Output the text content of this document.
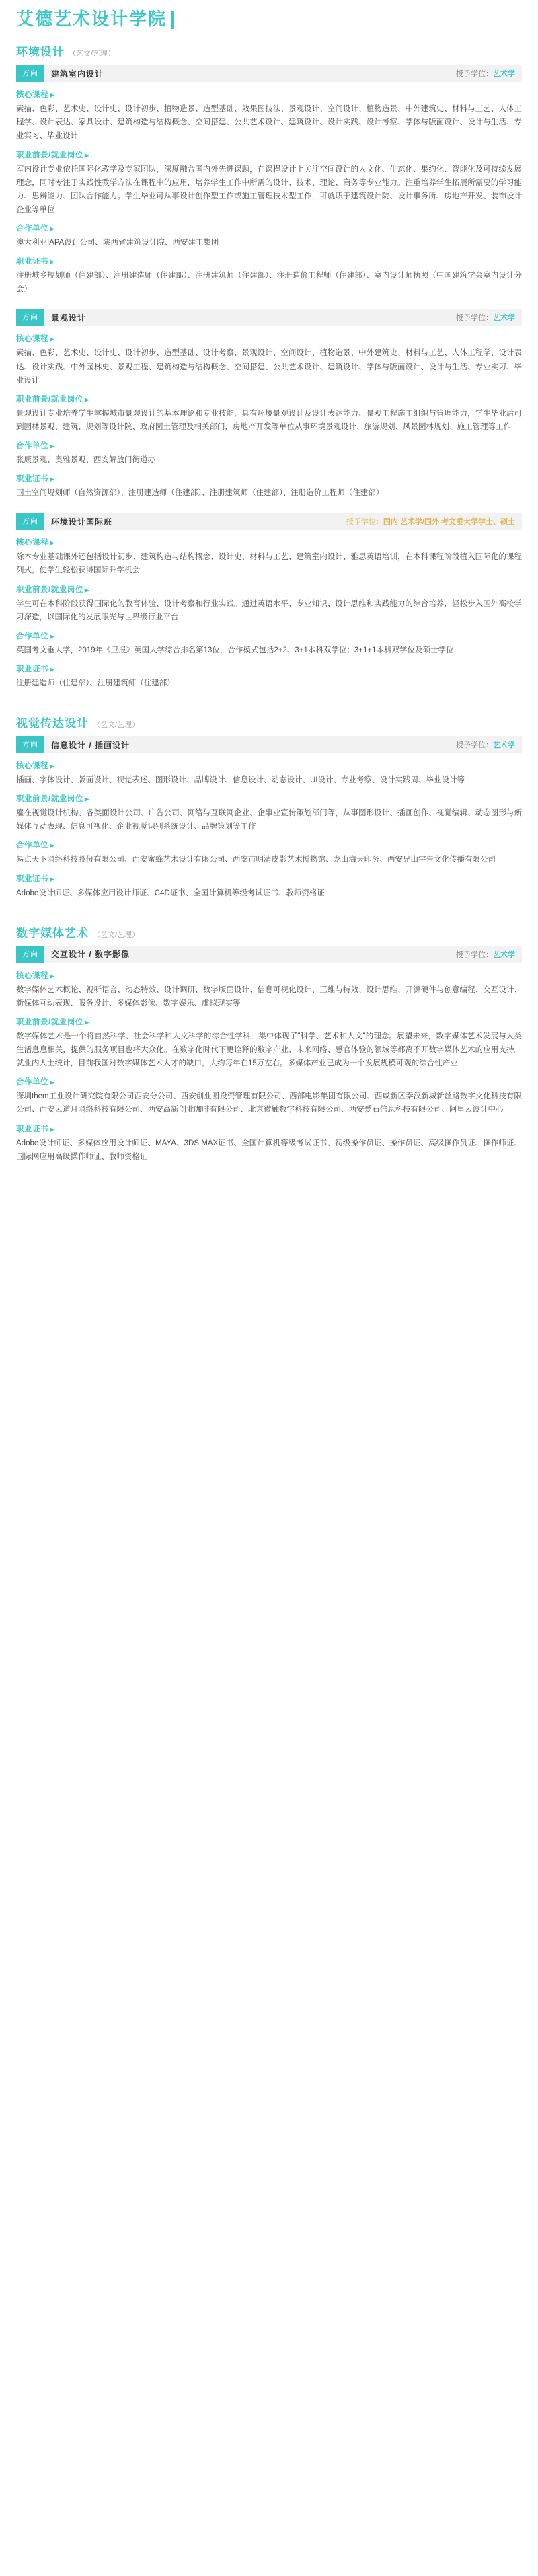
艾德艺术设计学院
环境设计 （艺文/艺理）
方向	建筑室内设计	授予学位：艺术学
核心课程 ▶
素描、色彩、艺术史、设计史、设计初步、植物造景、造型基础、效果图技法、景观设计、空间设计、植物造景、中外建筑史、材料与工艺、人体工程学、设计表达、家具设计、建筑构造与结构概念、空间搭建、公共艺术设计、建筑设计、设计实践、设计考察、学体与版面设计、设计与生活、专业实习、毕业设计
职业前景/就业岗位 ▶
室内设计专业依托国际化教学及专家团队，深度融合国内外先进课题，在课程设计上关注空间设计的人文化、生态化、集约化、智能化及可持续发展理念，同时专注于实践性教学方法在课程中的应用，培养学生工作中所需的设计、技术、理论、商务等专业能力。注重培养学生拓展所需要的学习能力、思辨能力、团队合作能力。学生毕业可从事设计创作型工作或施工管理技术型工作，可就职于建筑设计院、设计事务所、房地产开发、装饰设计企业等单位
合作单位 ▶
澳大利亚IAPA设计公司、陕西省建筑设计院、西安建工集团
职业证书 ▶
注册城乡规划师（住建部）、注册建造师（住建部）、注册建筑师（住建部）、注册造价工程师（住建部）、室内设计师执照（中国建筑学会室内设计分会）
方向	景观设计	授予学位：艺术学
核心课程 ▶
素描、色彩、艺术史、设计史、设计初步、造型基础、设计考察、景观设计、空间设计、植物造景、中外建筑史、材料与工艺、人体工程学、设计表达、设计实践、中外园林史、景观工程、建筑构造与结构概念、空间搭建、公共艺术设计、建筑设计、学体与版面设计、设计与生活、专业实习、毕业设计
职业前景/就业岗位 ▶
景观设计专业培养学生掌握城市景观设计的基本理论和专业技能，具有环境景观设计及设计表达能力、景观工程施工组织与管理能力，学生毕业后可到园林景观、建筑、规划等设计院、政府园土管理及相关部门，房地产开发等单位从事环境景观设计、旅游规划、风景园林规划、施工管理等工作
合作单位 ▶
张康景观、奥雅景观、西安解放门街道办
职业证书 ▶
国土空间规划师（自然资源部）、注册建造师（住建部）、注册建筑师（住建部）、注册造价工程师（住建部）
方向	环境设计国际班	授予学位：国内 艺术学/国外 考文垂大学学士、硕士
核心课程 ▶
除本专业基础课外还包括设计初步、建筑构造与结构概念、设计史、材料与工艺、建筑室内设计、雅思英语培训，在本科课程阶段植入国际化的课程列式，使学生轻松获得国际升学机会
职业前景/就业岗位 ▶
学生可在本科阶段获得国际化的教育体验、设计考察和行业实践。通过英语水平、专业知识、设计思维和实践能力的综合培养，轻松步入国外高校学习深造，以国际化的发展眼光与世界级行业平台
合作单位 ▶
英国考文垂大学，2019年《卫报》英国大学综合排名第13位，合作模式包括2+2、3+1本科双学位；3+1+1本科双学位及硕士学位
职业证书 ▶
注册建造师（住建部）、注册建筑师（住建部）
视觉传达设计 （艺文/艺理）
方向	信息设计 / 插画设计	授予学位：艺术学
核心课程 ▶
插画、字体设计、版面设计、视觉表述、图形设计、品牌设计、信息设计、动态设计、UI设计、专业考察、设计实践周、毕业设计等
职业前景/就业岗位 ▶
雇在视觉设计机构、各类面设计公司、广告公司、网络与互联网企业、企事业宣传策划部门等，从事图形设计、插画创作、视觉编辑、动态图形与新媒体互动表现、信息可视化、企业视觉识别系统设计、品牌策划等工作
合作单位 ▶
易点天下网络科技股份有限公司、西安蜜蜂艺术设计有限公司、西安市明清皮影艺术博物馆、龙山海天印务、西安兄山宇告文化传播有限公司
职业证书 ▶
Adobe设计师证、多媒体应用设计师证、C4D证书、全国计算机等级考试证书、教师资格证
数字媒体艺术 （艺文/艺理）
方向	交互设计 / 数字影像	授予学位：艺术学
核心课程 ▶
数字媒体艺术概论、视听语言、动态特效、设计调研、数字版面设计、信息可视化设计、三维与特效、设计思维、开源硬件与创意编程、交互设计、新媒体互动表现、服务设计、多媒体影像、数字娱乐、虚拟现实等
职业前景/就业岗位 ▶
数字媒体艺术是一个将自然科学、社会科学和人文科学的综合性学科，集中体现了"科学、艺术和人文"的理念。展望未来，数字媒体艺术发展与人类生活息息相关，提供的服务项目也将大众化。在数字化时代下更诠释的数字产业、未来网络、感官体验的领域等都离不开数字媒体艺术的应用支持。就业内人士统计，目前我国对数字媒体艺术人才的缺口，大约每年在15万左右。多媒体产业已成为一个发展规模可观的综合性产业
合作单位 ▶
深圳them工业设计研究院有限公司西安分公司、西安创业圆投资管理有限公司、西部电影集团有限公司、西咸新区秦汉新城新丝路数字文化科技有限公司、西安云道月网络科技有限公司、西安高新创业咖啡有限公司、北京微触数字科技有限公司、西安爱石信息科技有限公司、阿里云设计中心
职业证书 ▶
Adobe设计师证、多媒体应用设计师证、MAYA、3DS MAX证书、全国计算机等级考试证书、初级操作员证、操作员证、高级操作员证、操作师证、国际网应用高级操作师证、教师资格证
